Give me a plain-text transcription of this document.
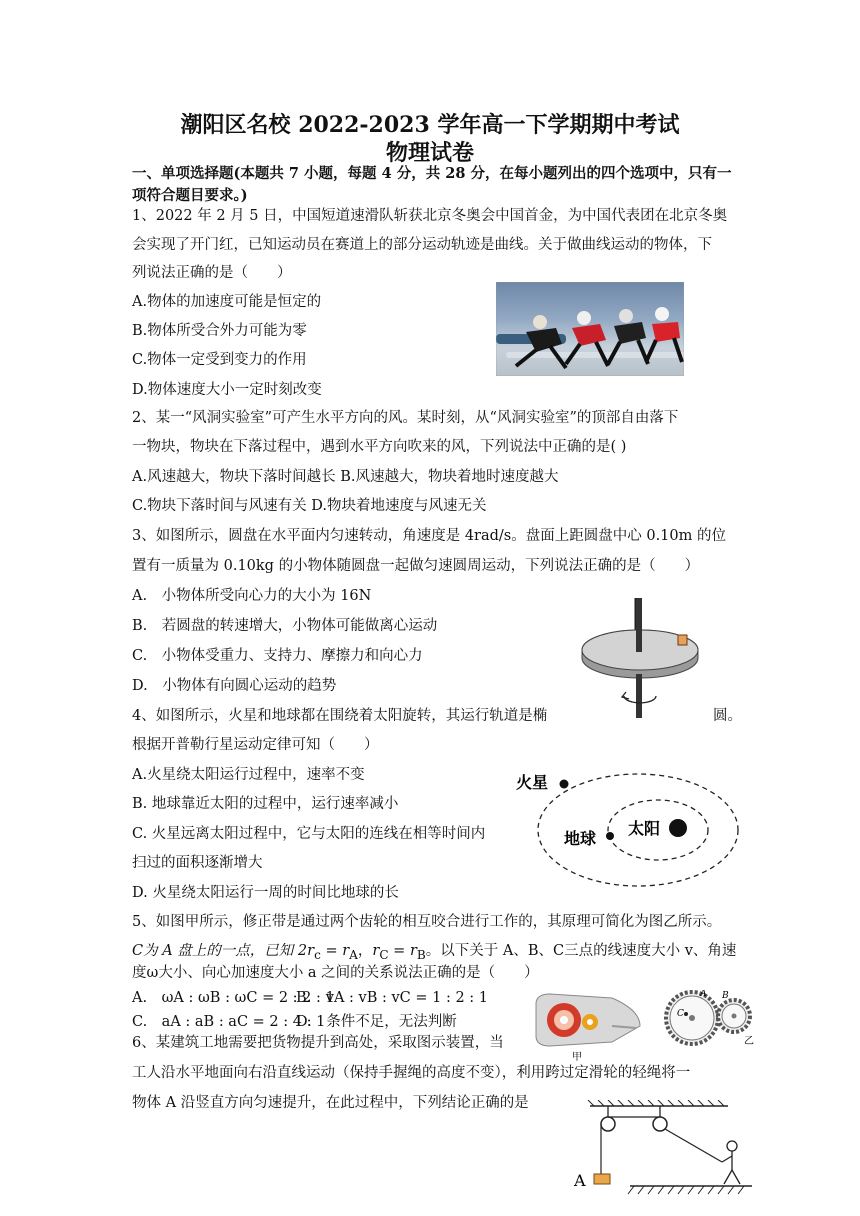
潮阳区名校 2022-2023 学年高一下学期期中考试
物理试卷
一、单项选择题(本题共 7 小题，每题 4 分，共 28 分，在每小题列出的四个选项中，只有一
项符合题目要求。)
1、2022 年 2 月 5 日，中国短道速滑队斩获北京冬奥会中国首金，为中国代表团在北京冬奥
会实现了开门红，已知运动员在赛道上的部分运动轨迹是曲线。关于做曲线运动的物体，下
列说法正确的是（　　）
A.物体的加速度可能是恒定的
B.物体所受合外力可能为零
C.物体一定受到变力的作用
D.物体速度大小一定时刻改变
2、某一“风洞实验室”可产生水平方向的风。某时刻，从“风洞实验室”的顶部自由落下
一物块，物块在下落过程中，遇到水平方向吹来的风，下列说法中正确的是( )
A.风速越大，物块下落时间越长 B.风速越大，物块着地时速度越大
C.物块下落时间与风速有关 D.物块着地速度与风速无关
3、如图所示，圆盘在水平面内匀速转动，角速度是 4rad/s。盘面上距圆盘中心 0.10m 的位
置有一质量为 0.10kg 的小物体随圆盘一起做匀速圆周运动，下列说法正确的是（　　）
A.　小物体所受向心力的大小为 16N
B.　若圆盘的转速增大，小物体可能做离心运动
C.　小物体受重力、支持力、摩擦力和向心力
D.　小物体有向圆心运动的趋势
4、如图所示，火星和地球都在围绕着太阳旋转，其运行轨道是椭	圆。
根据开普勒行星运动定律可知（　　）
A.火星绕太阳运行过程中，速率不变
B. 地球靠近太阳的过程中，运行速率减小
C. 火星远离太阳过程中，它与太阳的连线在相等时间内
扫过的面积逐渐增大
D. 火星绕太阳运行一周的时间比地球的长
火星
地球
太阳
5、如图甲所示，修正带是通过两个齿轮的相互咬合进行工作的，其原理可简化为图乙所示。
C为 A 盘上的一点，已知 $2r_c = r_A$，$r_C = r_B$。以下关于 A、B、C三点的线速度大小 v、角速
度ω大小、向心加速度大小 a 之间的关系说法正确的是（　　）
A.　ωA : ωB : ωC = 2 : 2 : 1
B.　vA : vB : vC = 1 : 2 : 1
C.　aA : aB : aC = 2 : 4 : 1
D.　条件不足，无法判断
甲
A B
C
乙
6、某建筑工地需要把货物提升到高处，采取图示装置，当
工人沿水平地面向右沿直线运动（保持手握绳的高度不变），利用跨过定滑轮的轻绳将一
物体 A 沿竖直方向匀速提升，在此过程中，下列结论正确的是
A
